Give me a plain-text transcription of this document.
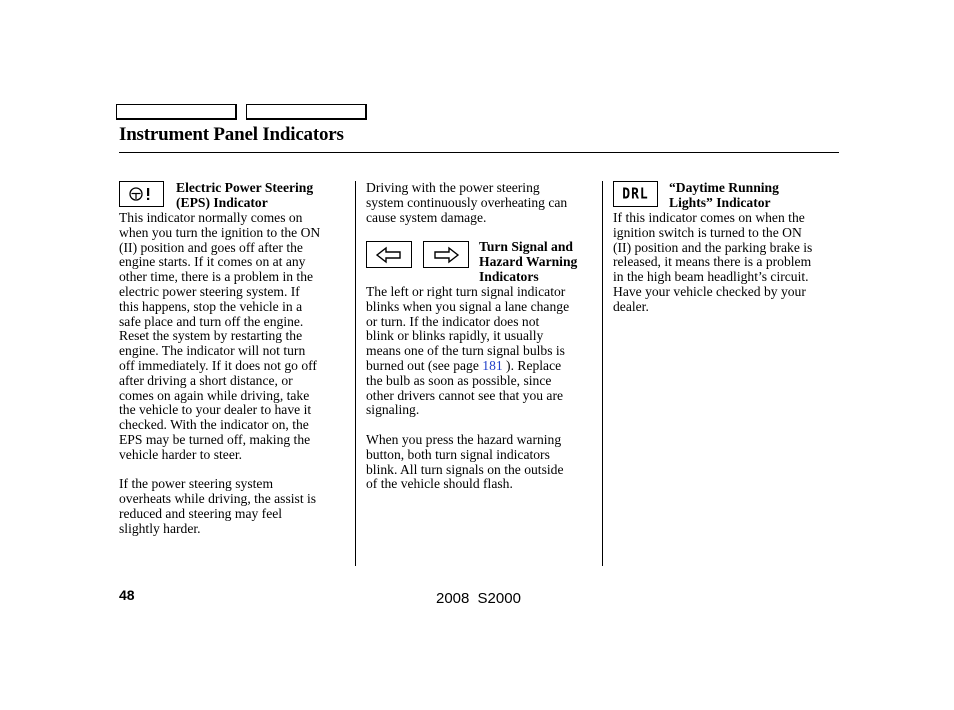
Instrument Panel Indicators
Electric Power Steering
(EPS) Indicator

This indicator normally comes on
when you turn the ignition to the ON
(II) position and goes off after the
engine starts. If it comes on at any
other time, there is a problem in the
electric power steering system. If
this happens, stop the vehicle in a
safe place and turn off the engine.
Reset the system by restarting the
engine. The indicator will not turn
off immediately. If it does not go off
after driving a short distance, or
comes on again while driving, take
the vehicle to your dealer to have it
checked. With the indicator on, the
EPS may be turned off, making the
vehicle harder to steer.

If the power steering system
overheats while driving, the assist is
reduced and steering may feel
slightly harder.

Driving with the power steering
system continuously overheating can
cause system damage.
Turn Signal and
Hazard Warning
Indicators

The left or right turn signal indicator
blinks when you signal a lane change
or turn. If the indicator does not
blink or blinks rapidly, it usually
means one of the turn signal bulbs is
burned out (see page 181 ). Replace
the bulb as soon as possible, since
other drivers cannot see that you are
signaling.

When you press the hazard warning
button, both turn signal indicators
blink. All turn signals on the outside
of the vehicle should flash.

DRL “Daytime Running
Lights” Indicator

If this indicator comes on when the
ignition switch is turned to the ON
(II) position and the parking brake is
released, it means there is a problem
in the high beam headlight’s circuit.
Have your vehicle checked by your
dealer.

48	2008 S2000
